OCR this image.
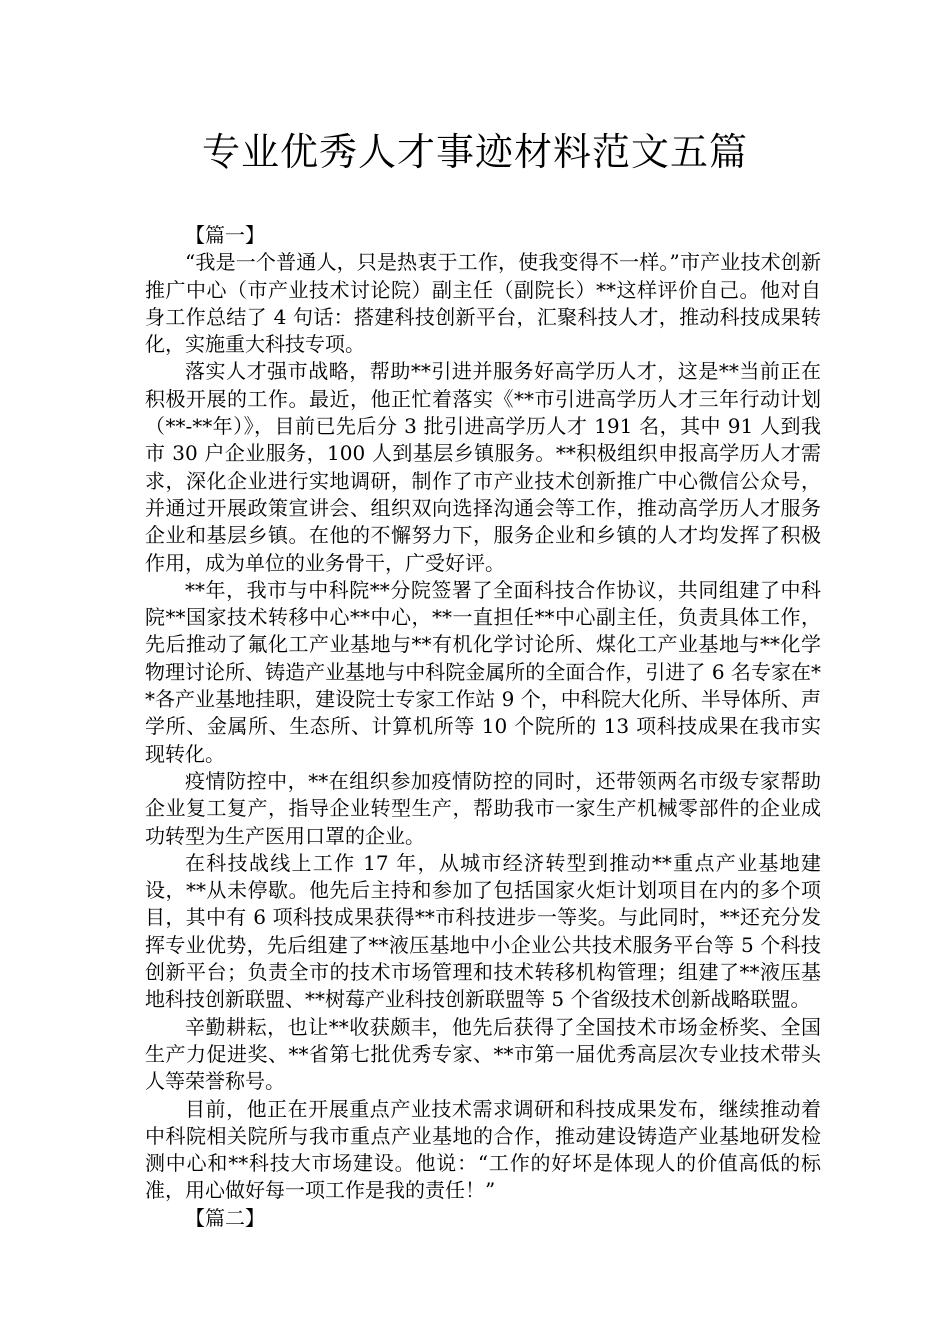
专业优秀人才事迹材料范文五篇

【篇一】

“我是一个普通人，只是热衷于工作，使我变得不一样。”市产业技术创新推广中心（市产业技术讨论院）副主任（副院长）**这样评价自己。他对自身工作总结了 4 句话：搭建科技创新平台，汇聚科技人才，推动科技成果转化，实施重大科技专项。

落实人才强市战略，帮助**引进并服务好高学历人才，这是**当前正在积极开展的工作。最近，他正忙着落实《**市引进高学历人才三年行动计划（**-**年）》，目前已先后分 3 批引进高学历人才 191 名，其中 91 人到我市 30 户企业服务，100 人到基层乡镇服务。**积极组织申报高学历人才需求，深化企业进行实地调研，制作了市产业技术创新推广中心微信公众号，并通过开展政策宣讲会、组织双向选择沟通会等工作，推动高学历人才服务企业和基层乡镇。在他的不懈努力下，服务企业和乡镇的人才均发挥了积极作用，成为单位的业务骨干，广受好评。

**年，我市与中科院**分院签署了全面科技合作协议，共同组建了中科院**国家技术转移中心**中心，**一直担任**中心副主任，负责具体工作，先后推动了氟化工产业基地与**有机化学讨论所、煤化工产业基地与**化学物理讨论所、铸造产业基地与中科院金属所的全面合作，引进了 6 名专家在**各产业基地挂职，建设院士专家工作站 9 个，中科院大化所、半导体所、声学所、金属所、生态所、计算机所等 10 个院所的 13 项科技成果在我市实现转化。

疫情防控中，**在组织参加疫情防控的同时，还带领两名市级专家帮助企业复工复产，指导企业转型生产，帮助我市一家生产机械零部件的企业成功转型为生产医用口罩的企业。

在科技战线上工作 17 年，从城市经济转型到推动**重点产业基地建设，**从未停歇。他先后主持和参加了包括国家火炬计划项目在内的多个项目，其中有 6 项科技成果获得**市科技进步一等奖。与此同时，**还充分发挥专业优势，先后组建了**液压基地中小企业公共技术服务平台等 5 个科技创新平台；负责全市的技术市场管理和技术转移机构管理；组建了**液压基地科技创新联盟、**树莓产业科技创新联盟等 5 个省级技术创新战略联盟。

辛勤耕耘，也让**收获颇丰，他先后获得了全国技术市场金桥奖、全国生产力促进奖、**省第七批优秀专家、**市第一届优秀高层次专业技术带头人等荣誉称号。

目前，他正在开展重点产业技术需求调研和科技成果发布，继续推动着中科院相关院所与我市重点产业基地的合作，推动建设铸造产业基地研发检测中心和**科技大市场建设。他说：“工作的好坏是体现人的价值高低的标准，用心做好每一项工作是我的责任！”

【篇二】
